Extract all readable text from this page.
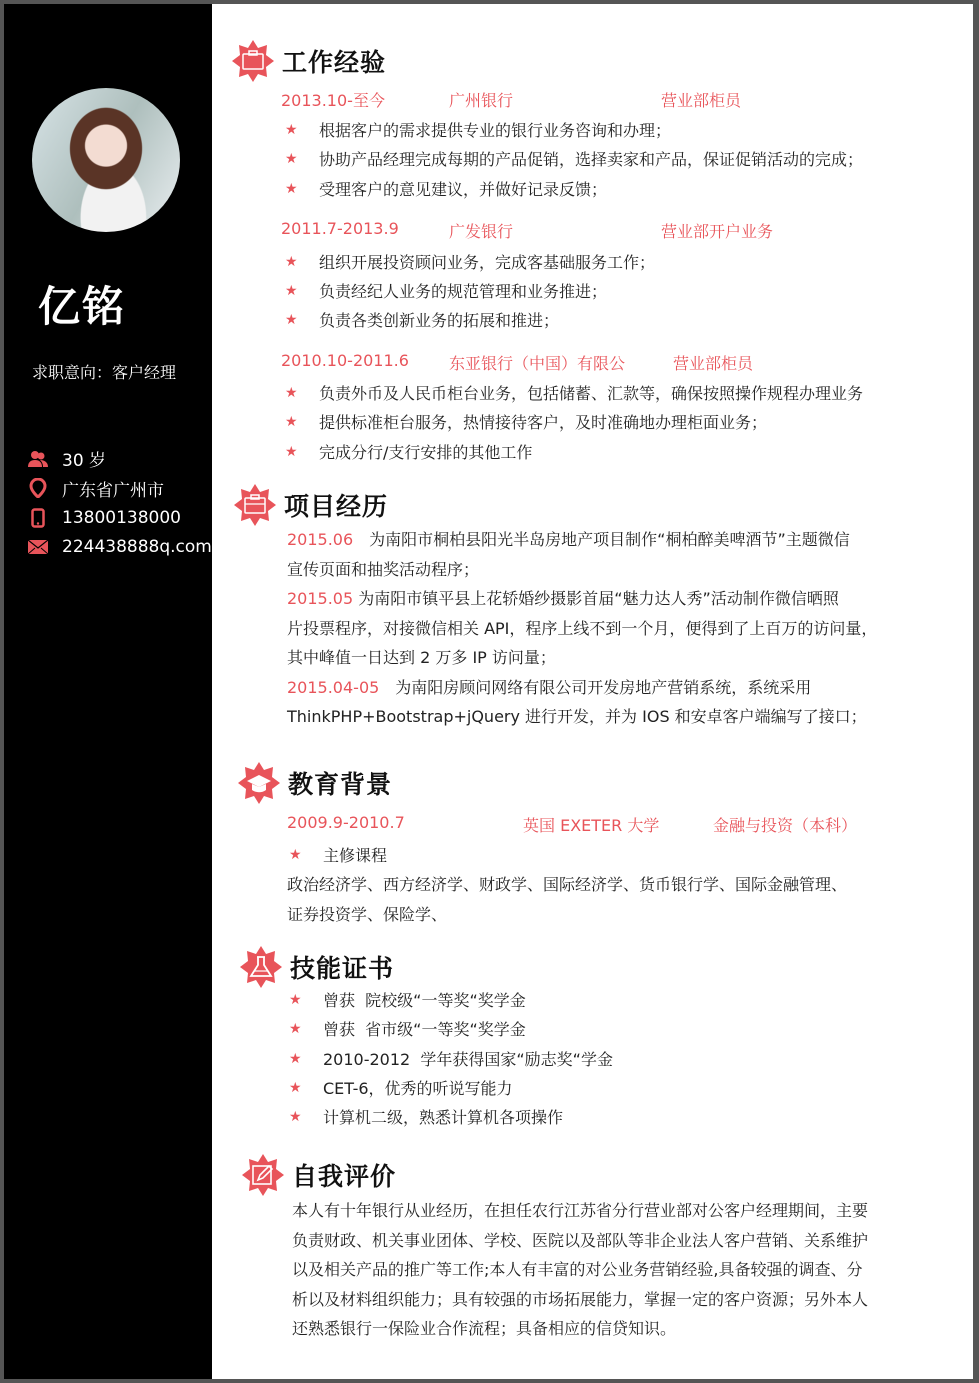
亿铭
求职意向：客户经理
30 岁
广东省广州市
13800138000
224438888q.com
工作经验
2013.10-至今	广州银行	营业部柜员
★	根据客户的需求提供专业的银行业务咨询和办理；
★	协助产品经理完成每期的产品促销，选择卖家和产品，保证促销活动的完成；
★	受理客户的意见建议，并做好记录反馈；
2011.7-2013.9	广发银行	营业部开户业务
★	组织开展投资顾问业务，完成客基础服务工作；
★	负责经纪人业务的规范管理和业务推进；
★	负责各类创新业务的拓展和推进；
2010.10-2011.6	东亚银行（中国）有限公	营业部柜员
★	负责外币及人民币柜台业务，包括储蓄、汇款等，确保按照操作规程办理业务
★	提供标准柜台服务，热情接待客户，及时准确地办理柜面业务；
★	完成分行/支行安排的其他工作
项目经历
2015.06　为南阳市桐柏县阳光半岛房地产项目制作“桐柏醉美啤酒节”主题微信
宣传页面和抽奖活动程序；
2015.05 为南阳市镇平县上花轿婚纱摄影首届“魅力达人秀”活动制作微信晒照
片投票程序，对接微信相关 API，程序上线不到一个月，便得到了上百万的访问量，
其中峰值一日达到 2 万多 IP 访问量；
2015.04-05　为南阳房顾问网络有限公司开发房地产营销系统，系统采用
ThinkPHP+Bootstrap+jQuery 进行开发，并为 IOS 和安卓客户端编写了接口；
教育背景
2009.9-2010.7	英国 EXETER 大学	金融与投资（本科）
★	主修课程
政治经济学、西方经济学、财政学、国际经济学、货币银行学、国际金融管理、
证券投资学、保险学、
技能证书
★	曾获  院校级“一等奖“奖学金
★	曾获  省市级“一等奖“奖学金
★	2010-2012  学年获得国家“励志奖“学金
★	CET-6，优秀的听说写能力
★	计算机二级，熟悉计算机各项操作
自我评价
本人有十年银行从业经历，在担任农行江苏省分行营业部对公客户经理期间，主要
负责财政、机关事业团体、学校、医院以及部队等非企业法人客户营销、关系维护
以及相关产品的推广等工作;本人有丰富的对公业务营销经验,具备较强的调查、分
析以及材料组织能力；具有较强的市场拓展能力，掌握一定的客户资源；另外本人
还熟悉银行一保险业合作流程；具备相应的信贷知识。
